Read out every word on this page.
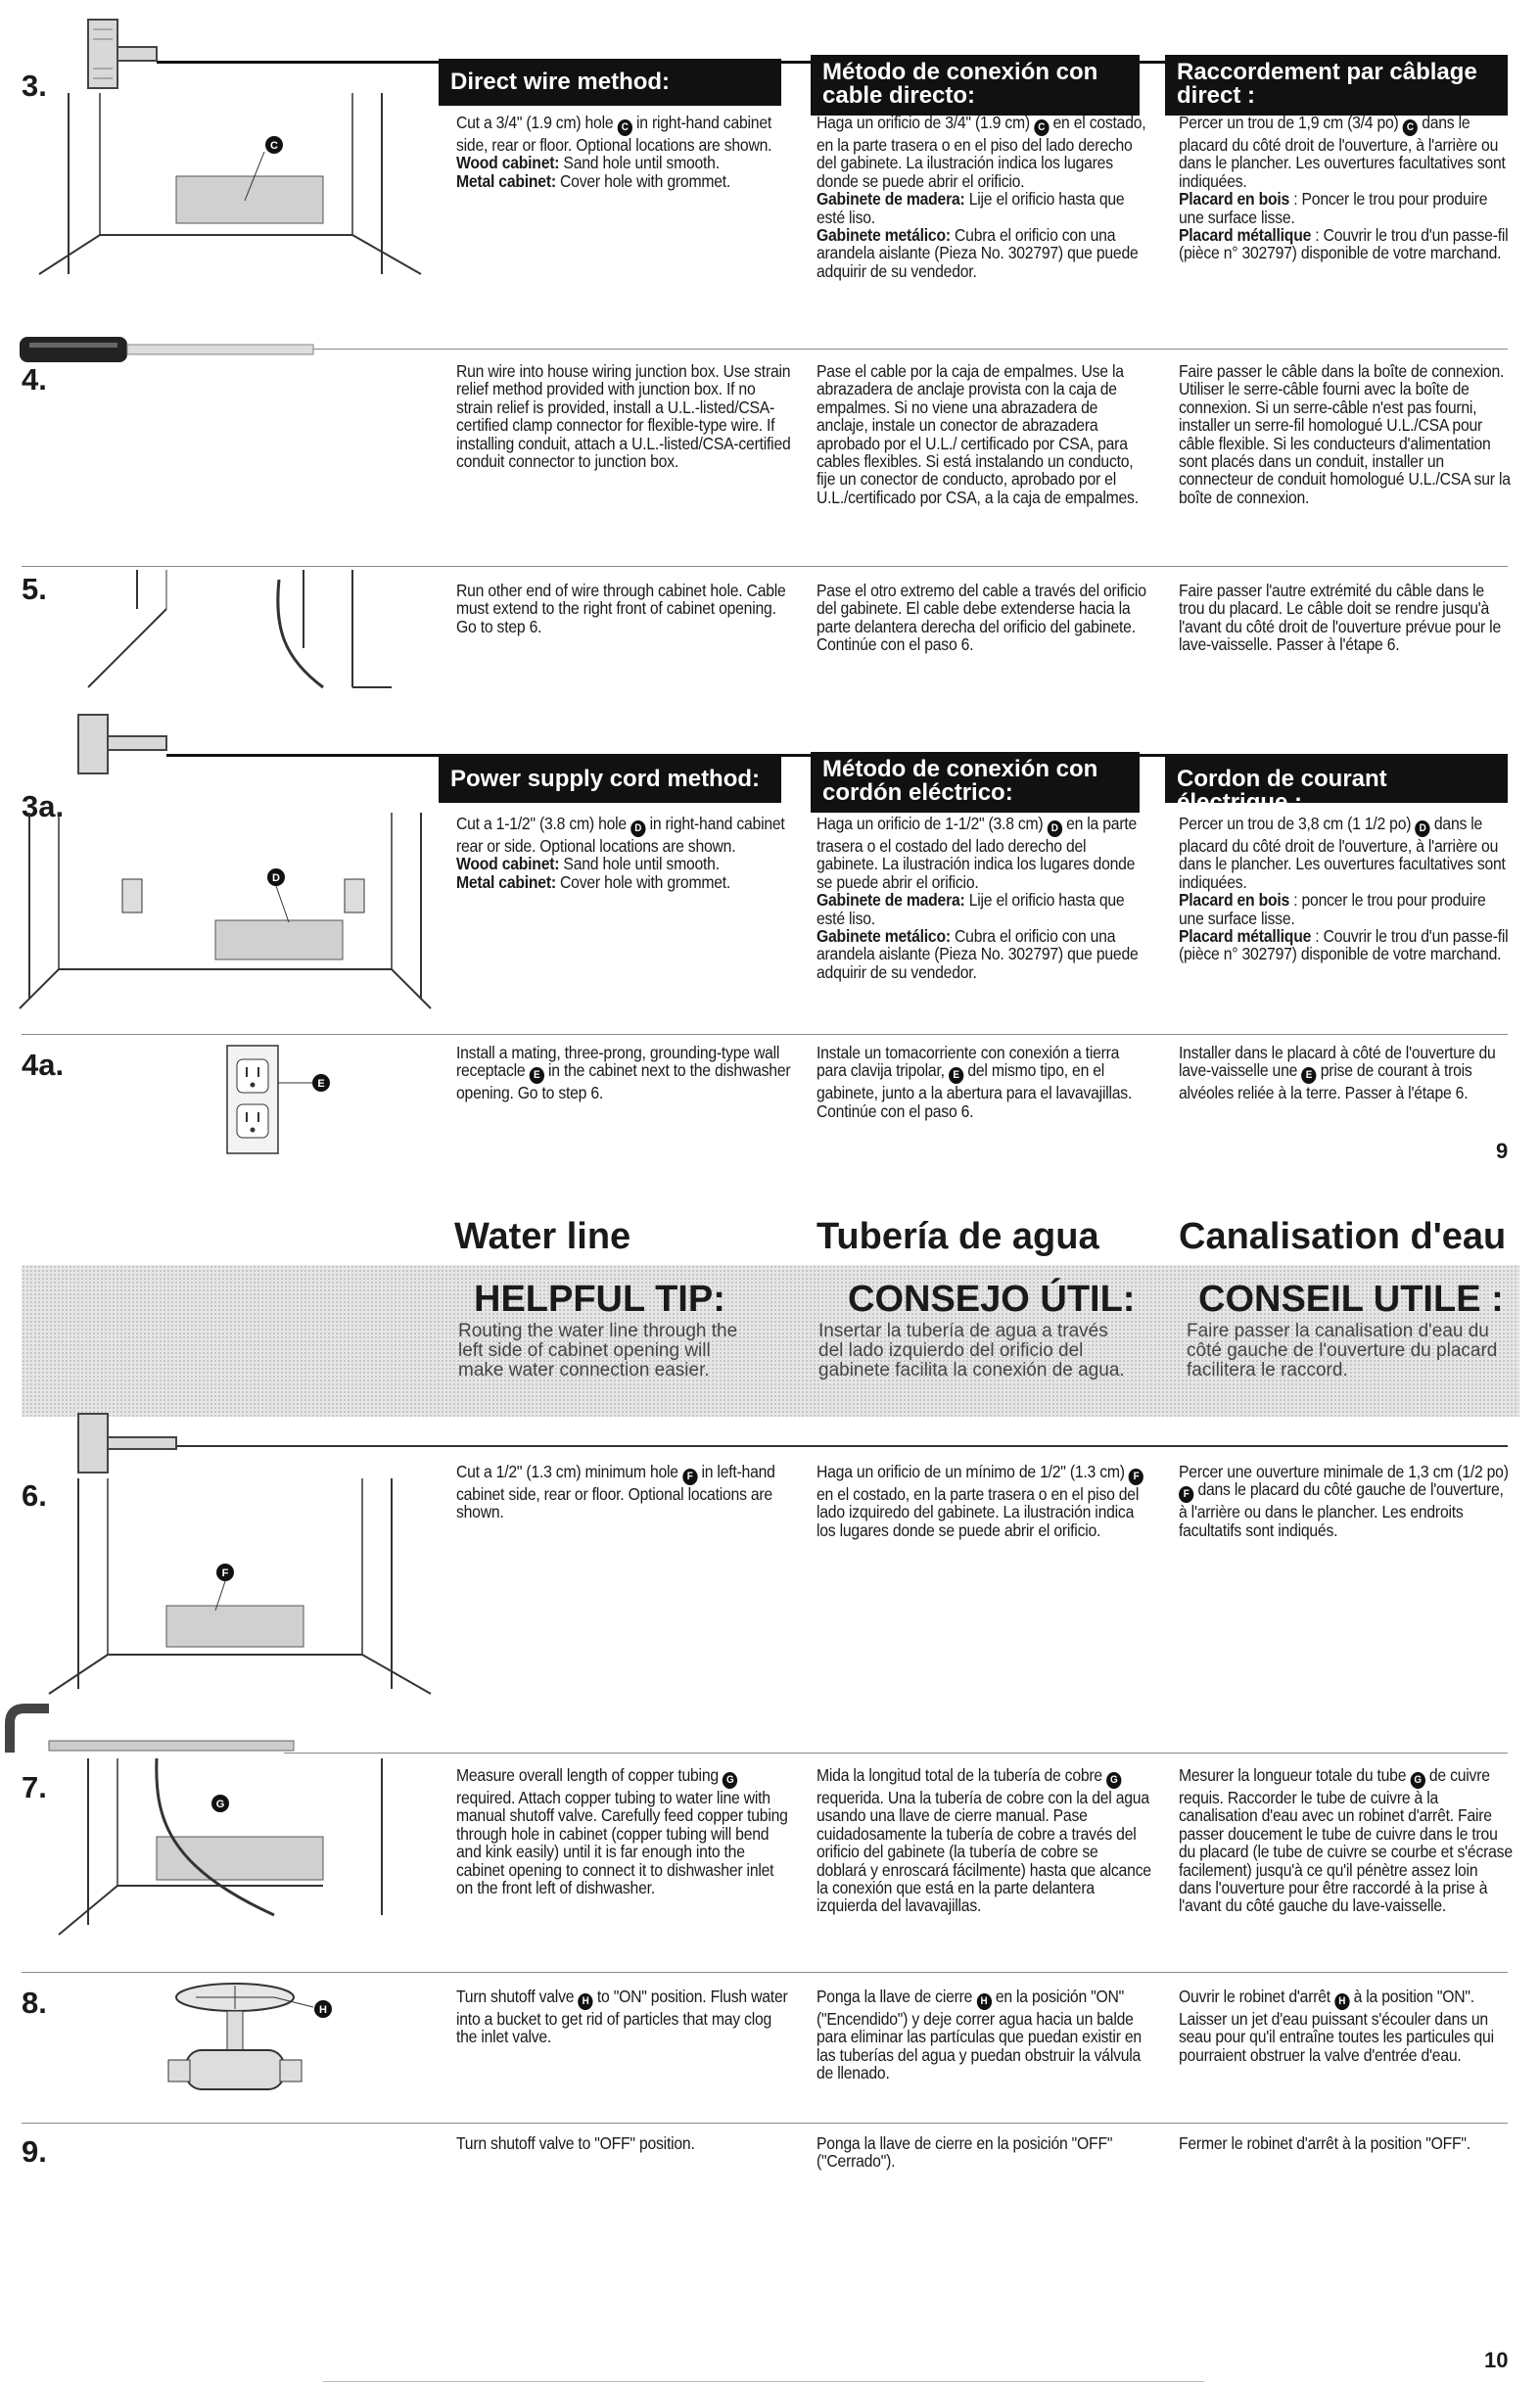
3.	Direct wire method:	Método de conexión con
cable directo:
Raccordement par câblage
direct :
C

Cut a 3/4" (1.9 cm) hole C in right-hand cabinet side, rear or floor. Optional locations are shown.

Wood cabinet: Sand hole until smooth.

Metal cabinet: Cover hole with grommet.

Haga un orificio de 3/4" (1.9 cm) C en el costado, en la parte trasera o en el piso del lado derecho del gabinete. La ilustración indica los lugares donde se puede abrir el orificio.

Gabinete de madera: Lije el orificio hasta que esté liso.

Gabinete metálico: Cubra el orificio con una arandela aislante (Pieza No. 302797) que puede adquirir de su vendedor.

Percer un trou de 1,9 cm (3/4 po) C dans le placard du côté droit de l'ouverture, à l'arrière ou dans le plancher. Les ouvertures facultatives sont indiquées.

Placard en bois : Poncer le trou pour produire une surface lisse.

Placard métallique : Couvrir le trou d'un passe-fil (pièce n° 302797) disponible de votre marchand.

4.	Run wire into house wiring junction box. Use strain relief method provided with junction box. If no strain relief is provided, install a U.L.-listed/CSA-certified clamp connector for flexible-type wire. If installing conduit, attach a U.L.-listed/CSA-certified conduit connector to junction box.
Pase el cable por la caja de empalmes. Use la abrazadera de anclaje provista con la caja de empalmes. Si no viene una abrazadera de anclaje, instale un conector de abrazadera aprobado por el U.L./ certificado por CSA, para cables flexibles. Si está instalando un conducto, fije un conector de conducto, aprobado por el U.L./certificado por CSA, a la caja de empalmes.
Faire passer le câble dans la boîte de connexion. Utiliser le serre-câble fourni avec la boîte de connexion. Si un serre-câble n'est pas fourni, installer un serre-fil homologué U.L./CSA pour câble flexible. Si les conducteurs d'alimentation sont placés dans un conduit, installer un connecteur de conduit homologué U.L./CSA sur la boîte de connexion.
5.	Run other end of wire through cabinet hole. Cable must extend to the right front of cabinet opening. Go to step 6.
Pase el otro extremo del cable a través del orificio del gabinete. El cable debe extenderse hacia la parte delantera derecha del orificio del gabinete. Continúe con el paso 6.
Faire passer l'autre extrémité du câble dans le trou du placard. Le câble doit se rendre jusqu'à l'avant du côté droit de l'ouverture prévue pour le lave-vaisselle. Passer à l'étape 6.
3a.
Power supply cord method:	Método de conexión con
cordón eléctrico:
Cordon de courant électrique :
D

Cut a 1-1/2" (3.8 cm) hole D in right-hand cabinet rear or side. Optional locations are shown.

Wood cabinet: Sand hole until smooth.

Metal cabinet: Cover hole with grommet.

Haga un orificio de 1-1/2" (3.8 cm) D en la parte trasera o el costado del lado derecho del gabinete. La ilustración indica los lugares donde se puede abrir el orificio.

Gabinete de madera: Lije el orificio hasta que esté liso.

Gabinete metálico: Cubra el orificio con una arandela aislante (Pieza No. 302797) que puede adquirir de su vendedor.

Percer un trou de 3,8 cm (1 1/2 po) D dans le placard du côté droit de l'ouverture, à l'arrière ou dans le plancher. Les ouvertures facultatives sont indiquées.

Placard en bois : poncer le trou pour produire une surface lisse.

Placard métallique : Couvrir le trou d'un passe-fil (pièce n° 302797) disponible de votre marchand.

4a.
E

Install a mating, three-prong, grounding-type wall receptacle E in the cabinet next to the dishwasher opening. Go to step 6.

Instale un tomacorriente con conexión a tierra para clavija tripolar, E del mismo tipo, en el gabinete, junto a la abertura para el lavavajillas. Continúe con el paso 6.

Installer dans le placard à côté de l'ouverture du lave-vaisselle une E prise de courant à trois alvéoles reliée à la terre. Passer à l'étape 6.

9
Water line	Tubería de agua Canalisation d'eau
HELPFUL TIP:	CONSEJO ÚTIL: CONSEIL UTILE :
Routing the water line through the left side of cabinet opening will make water connection easier.
Insertar la tubería de agua a través del lado izquierdo del orificio del gabinete facilita la conexión de agua.
Faire passer la canalisation d'eau du côté gauche de l'ouverture du placard facilitera le raccord.
6.
F

Cut a 1/2" (1.3 cm) minimum hole F in left-hand cabinet side, rear or floor. Optional locations are shown.

Haga un orificio de un mínimo de 1/2" (1.3 cm) F en el costado, en la parte trasera o en el piso del lado izquiredo del gabinete. La ilustración indica los lugares donde se puede abrir el orificio.

Percer une ouverture minimale de 1,3 cm (1/2 po) F dans le placard du côté gauche de l'ouverture, à l'arrière ou dans le plancher. Les endroits facultatifs sont indiqués.

7.	G

Measure overall length of copper tubing G required. Attach copper tubing to water line with manual shutoff valve. Carefully feed copper tubing through hole in cabinet (copper tubing will bend and kink easily) until it is far enough into the cabinet opening to connect it to dishwasher inlet on the front left of dishwasher.

Mida la longitud total de la tubería de cobre G requerida. Una la tubería de cobre con la del agua usando una llave de cierre manual. Pase cuidadosamente la tubería de cobre a través del orificio del gabinete (la tubería de cobre se doblará y enroscará fácilmente) hasta que alcance la conexión que está en la parte delantera izquierda del lavavajillas.

Mesurer la longueur totale du tube G de cuivre requis. Raccorder le tube de cuivre à la canalisation d'eau avec un robinet d'arrêt. Faire passer doucement le tube de cuivre dans le trou du placard (le tube de cuivre se courbe et s'écrase facilement) jusqu'à ce qu'il pénètre assez loin dans l'ouverture pour être raccordé à la prise à l'avant du côté gauche du lave-vaisselle.

8.	H

Turn shutoff valve H to "ON" position. Flush water into a bucket to get rid of particles that may clog the inlet valve.

Ponga la llave de cierre H en la posición "ON" ("Encendido") y deje correr agua hacia un balde para eliminar las partículas que puedan existir en las tuberías del agua y puedan obstruir la válvula de llenado.

Ouvrir le robinet d'arrêt H à la position "ON". Laisser un jet d'eau puissant s'écouler dans un seau pour qu'il entraîne toutes les particules qui pourraient obstruer la valve d'entrée d'eau.

9.	Turn shutoff valve to "OFF" position.	Ponga la llave de cierre en la posición "OFF" ("Cerrado").
Fermer le robinet d'arrêt à la position "OFF".
10
